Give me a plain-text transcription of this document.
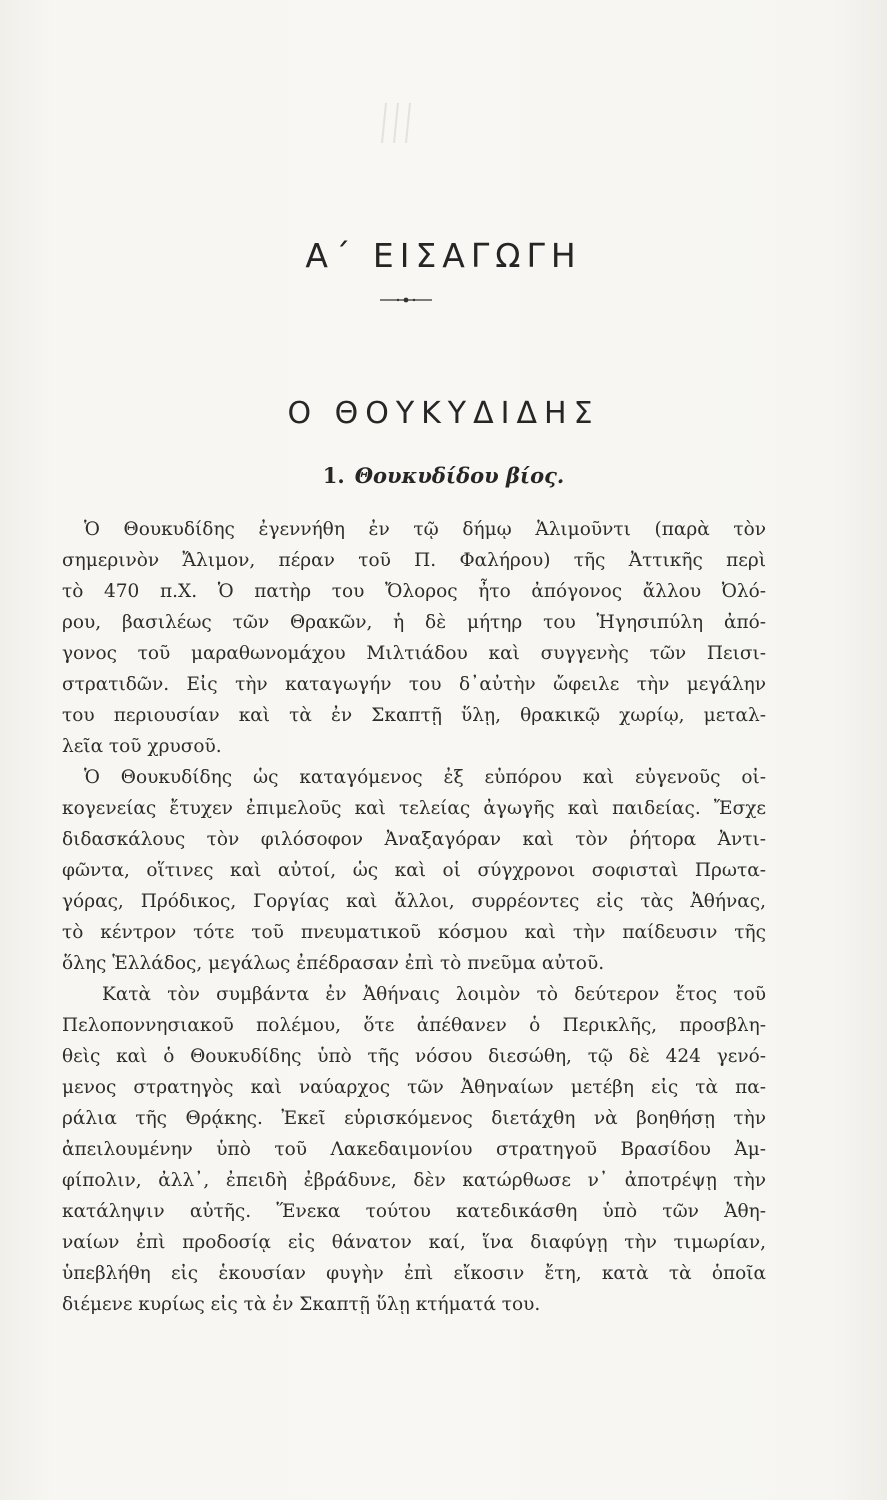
Α΄ ΕΙΣΑΓΩΓΗ
Ο ΘΟΥΚΥΔΙΔΗΣ
1. Θουκυδίδου βίος.
Ὁ Θουκυδίδης ἐγεννήθη ἐν τῷ δήμῳ Ἁλιμοῦντι (παρὰ τὸν
σημερινὸν Ἄλιμον, πέραν τοῦ Π. Φαλήρου) τῆς Ἀττικῆς περὶ
τὸ 470 π.Χ. Ὁ πατὴρ του Ὄλορος ἦτο ἀπόγονος ἄλλου Ὀλό-
ρου, βασιλέως τῶν Θρακῶν, ἡ δὲ μήτηρ του Ἡγησιπύλη ἀπό-
γονος τοῦ μαραθωνομάχου Μιλτιάδου καὶ συγγενὴς τῶν Πεισι-
στρατιδῶν. Εἰς τὴν καταγωγήν του δ᾽αὐτὴν ὤφειλε τὴν μεγάλην
του περιουσίαν καὶ τὰ ἐν Σκαπτῇ ὕλῃ, θρακικῷ χωρίῳ, μεταλ-
λεῖα τοῦ χρυσοῦ.
Ὁ Θουκυδίδης ὡς καταγόμενος ἐξ εὐπόρου καὶ εὐγενοῦς οἰ-
κογενείας ἔτυχεν ἐπιμελοῦς καὶ τελείας ἀγωγῆς καὶ παιδείας. Ἔσχε
διδασκάλους τὸν φιλόσοφον Ἀναξαγόραν καὶ τὸν ῥήτορα Ἀντι-
φῶντα, οἵτινες καὶ αὐτοί, ὡς καὶ οἱ σύγχρονοι σοφισταὶ Πρωτα-
γόρας, Πρόδικος, Γοργίας καὶ ἄλλοι, συρρέοντες εἰς τὰς Ἀθήνας,
τὸ κέντρον τότε τοῦ πνευματικοῦ κόσμου καὶ τὴν παίδευσιν τῆς
ὅλης Ἑλλάδος, μεγάλως ἐπέδρασαν ἐπὶ τὸ πνεῦμα αὐτοῦ.
Κατὰ τὸν συμβάντα ἐν Ἀθήναις λοιμὸν τὸ δεύτερον ἔτος τοῦ
Πελοποννησιακοῦ πολέμου, ὅτε ἀπέθανεν ὁ Περικλῆς, προσβλη-
θεὶς καὶ ὁ Θουκυδίδης ὑπὸ τῆς νόσου διεσώθη, τῷ δὲ 424 γενό-
μενος στρατηγὸς καὶ ναύαρχος τῶν Ἀθηναίων μετέβη εἰς τὰ πα-
ράλια τῆς Θρᾴκης. Ἐκεῖ εὑρισκόμενος διετάχθη νὰ βοηθήσῃ τὴν
ἀπειλουμένην ὑπὸ τοῦ Λακεδαιμονίου στρατηγοῦ Βρασίδου Ἀμ-
φίπολιν, ἀλλ᾽, ἐπειδὴ ἐβράδυνε, δὲν κατώρθωσε ν᾽ ἀποτρέψῃ τὴν
κατάληψιν αὐτῆς. Ἕνεκα τούτου κατεδικάσθη ὑπὸ τῶν Ἀθη-
ναίων ἐπὶ προδοσίᾳ εἰς θάνατον καί, ἵνα διαφύγῃ τὴν τιμωρίαν,
ὑπεβλήθη εἰς ἑκουσίαν φυγὴν ἐπὶ εἴκοσιν ἔτη, κατὰ τὰ ὁποῖα
διέμενε κυρίως εἰς τὰ ἐν Σκαπτῇ ὕλῃ κτήματά του.
